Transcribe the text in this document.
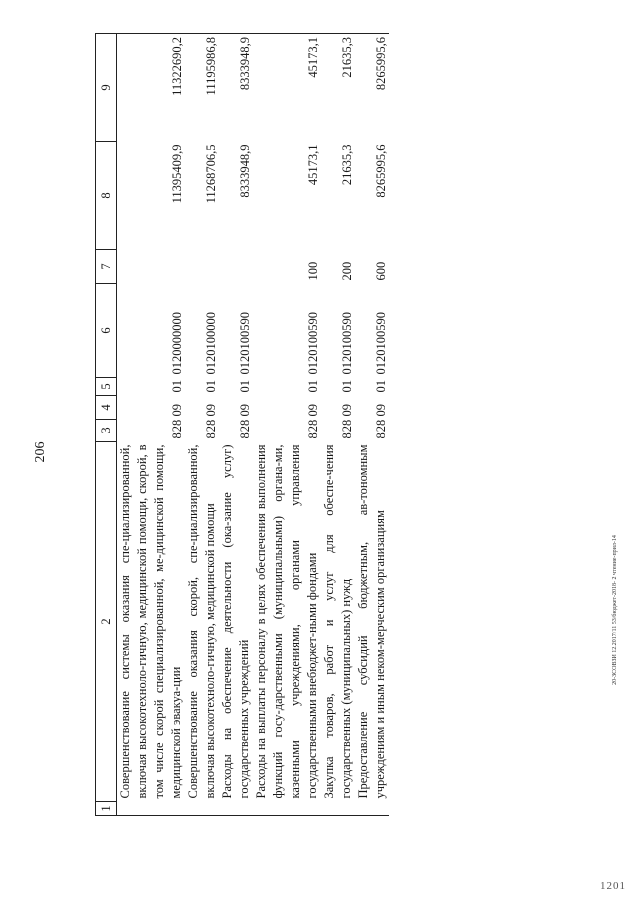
206
20-ЗСОВЗИ 12.2017/11 53/бюджет-2018- 2 чтение-прил-14
1201
1	2	3	4	5	6	7	8	9
	Совершенствование системы оказания спе-циализированной, включая высокотехноло-гичную, медицинской помощи, скорой, в том числе скорой специализированной, ме-дицинской помощи, медицинской эвакуа-ции	828	09	01	0120000000		11395409,9	11322690,2
	Совершенствование оказания скорой, спе-циализированной, включая высокотехноло-гичную, медицинской помощи	828	09	01	0120100000		11268706,5	11195986,8
	Расходы на обеспечение деятельности (ока-зание услуг) государственных учреждений	828	09	01	0120100590		8333948,9	8333948,9
	Расходы на выплаты персоналу в целях обеспечения выполнения функций госу-дарственными (муниципальными) органа-ми, казенными учреждениями, органами управления государственными внебюджет-ными фондами	828	09	01	0120100590	100	45173,1	45173,1
	Закупка товаров, работ и услуг для обеспе-чения государственных (муниципальных) нужд	828	09	01	0120100590	200	21635,3	21635,3
	Предоставление субсидий бюджетным, ав-тономным учреждениям и иным неком-мерческим организациям	828	09	01	0120100590	600	8265995,6	8265995,6
